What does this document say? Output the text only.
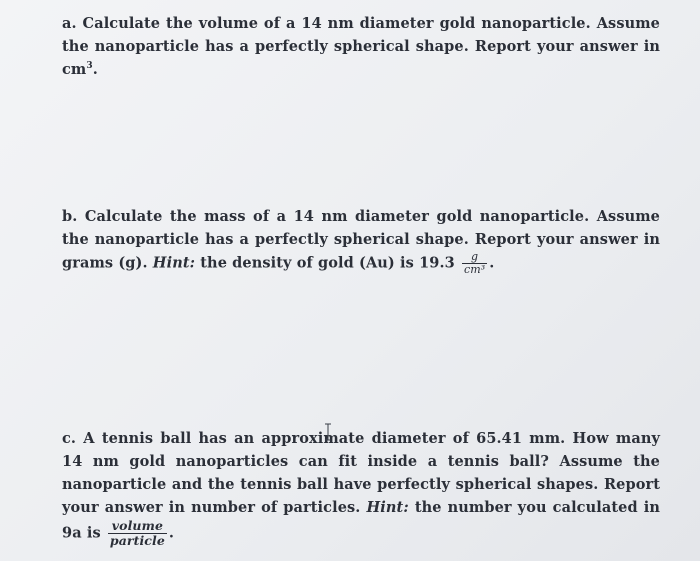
a. Calculate the volume of a 14 nm diameter gold nanoparticle. Assume the nanoparticle has a perfectly spherical shape. Report your answer in $cm^3$.
b. Calculate the mass of a 14 nm diameter gold nanoparticle. Assume the nanoparticle has a perfectly spherical shape. Report your answer in grams (g). Hint: the density of gold (Au) is $19.3 \frac{g}{\text{cm³}}$ .
c. A tennis ball has an approximate diameter of 65.41 mm. How many 14 nm gold nanoparticles can fit inside a tennis ball? Assume the nanoparticle and the tennis ball have perfectly spherical shapes. Report your answer in number of particles. Hint: the number you calculated in 9a is $\frac{\text{volume}}{\text{particle}}$ .
